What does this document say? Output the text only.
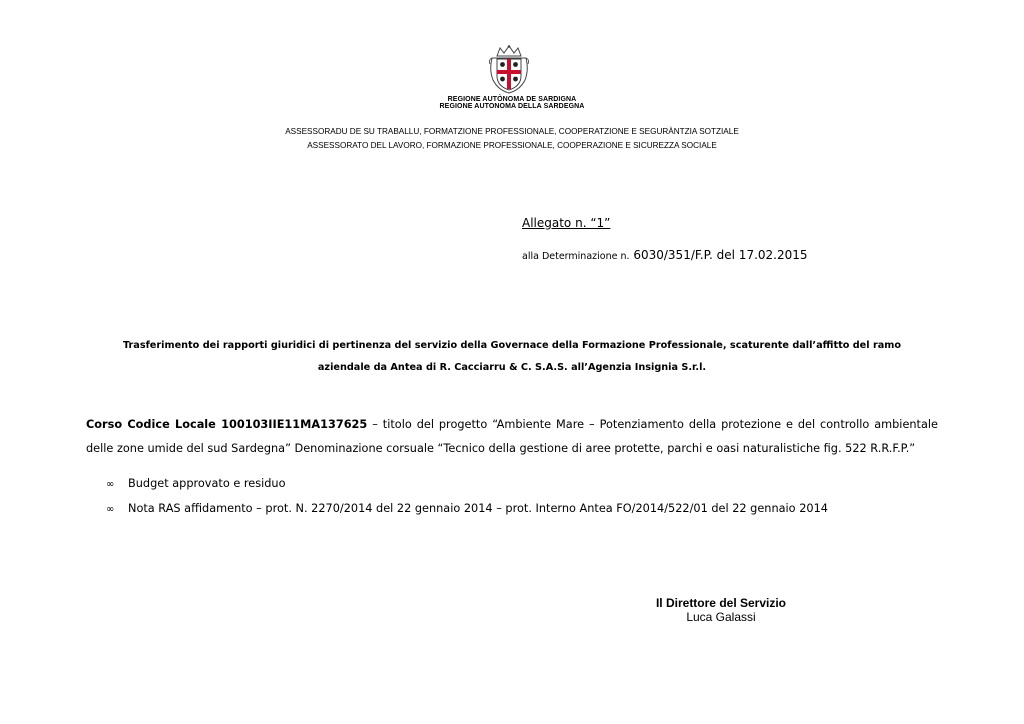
REGIONE AUTÒNOMA DE SARDIGNA
REGIONE AUTONOMA DELLA SARDEGNA
ASSESSORADU DE SU TRABALLU, FORMATZIONE PROFESSIONALE, COOPERATZIONE E SEGURÀNTZIA SOTZIALE
ASSESSORATO DEL LAVORO, FORMAZIONE PROFESSIONALE, COOPERAZIONE E SICUREZZA SOCIALE
Allegato n. “1”
alla Determinazione n. 6030/351/F.P. del 17.02.2015
Trasferimento dei rapporti giuridici di pertinenza del servizio della Governace della Formazione Professionale, scaturente dall’affitto del ramo aziendale da Antea di R. Cacciarru & C. S.A.S. all’Agenzia Insignia S.r.l.
Corso Codice Locale 100103IIE11MA137625 – titolo del progetto “Ambiente Mare – Potenziamento della protezione e del controllo ambientale delle zone umide del sud Sardegna” Denominazione corsuale “Tecnico della gestione di aree protette, parchi e oasi naturalistiche fig. 522 R.R.F.P.”
∞ Budget approvato e residuo
∞ Nota RAS affidamento – prot. N. 2270/2014 del 22 gennaio 2014 – prot. Interno Antea FO/2014/522/01 del 22 gennaio 2014
Il Direttore del Servizio
Luca Galassi
